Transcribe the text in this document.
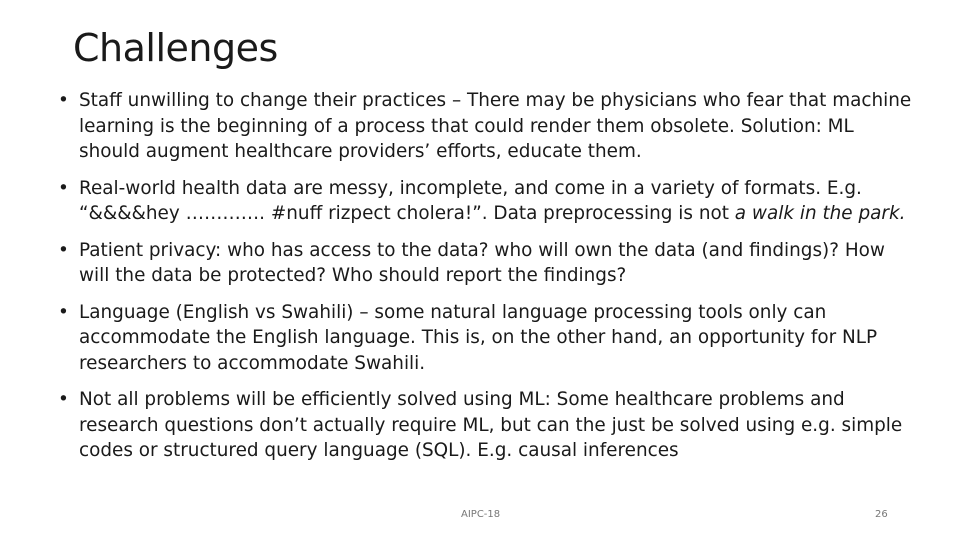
Challenges
• Staff unwilling to change their practices – There may be physicians who fear that machine learning is the beginning of a process that could render them obsolete. Solution: ML should augment healthcare providers’ efforts, educate them.
• Real-world health data are messy, incomplete, and come in a variety of formats. E.g. “&&&&hey …………. #nuff rizpect cholera!”. Data preprocessing is not a walk in the park.
• Patient privacy: who has access to the data? who will own the data (and findings)? How will the data be protected? Who should report the findings?
• Language (English vs Swahili) – some natural language processing tools only can accommodate the English language. This is, on the other hand, an opportunity for NLP researchers to accommodate Swahili.
• Not all problems will be efficiently solved using ML: Some healthcare problems and research questions don’t actually require ML, but can the just be solved using e.g. simple codes or structured query language (SQL). E.g. causal inferences
AIPC-18	26
